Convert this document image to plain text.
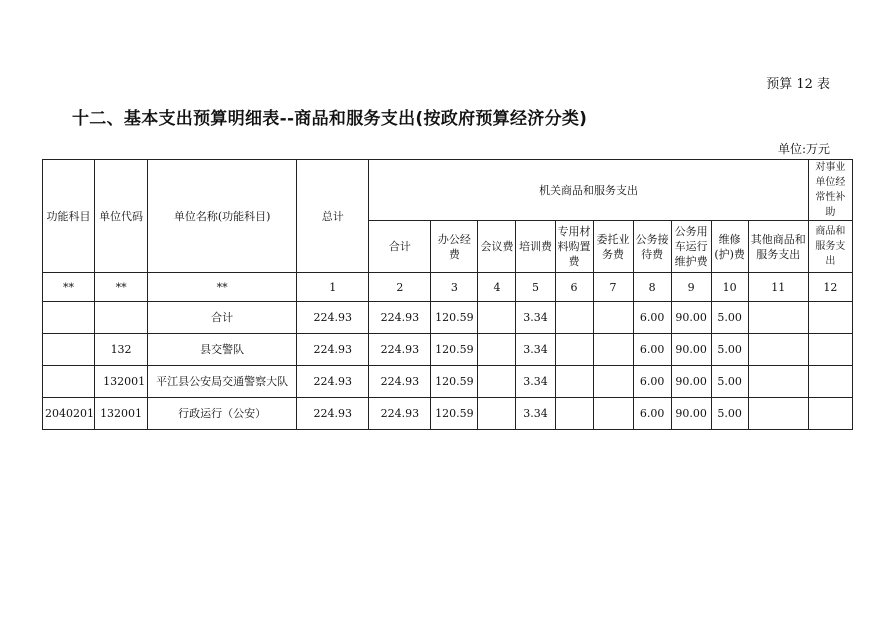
预算 12 表
十二、基本支出预算明细表--商品和服务支出(按政府预算经济分类)
单位:万元
功能科目	单位代码	单位名称(功能科目)	总计	机关商品和服务支出										对事业单位经常性补助
				合计	办公经费	会议费	培训费	专用材料购置费	委托业务费	公务接待费	公务用车运行维护费	维修(护)费	其他商品和服务支出	商品和服务支出
**	**	**	1	2	3	4	5	6	7	8	9	10	11	12
		合计	224.93	224.93	120.59		3.34			6.00	90.00	5.00		
	132	县交警队	224.93	224.93	120.59		3.34			6.00	90.00	5.00		
	132001	平江县公安局交通警察大队	224.93	224.93	120.59		3.34			6.00	90.00	5.00		
2040201	132001	行政运行（公安）	224.93	224.93	120.59		3.34			6.00	90.00	5.00		
